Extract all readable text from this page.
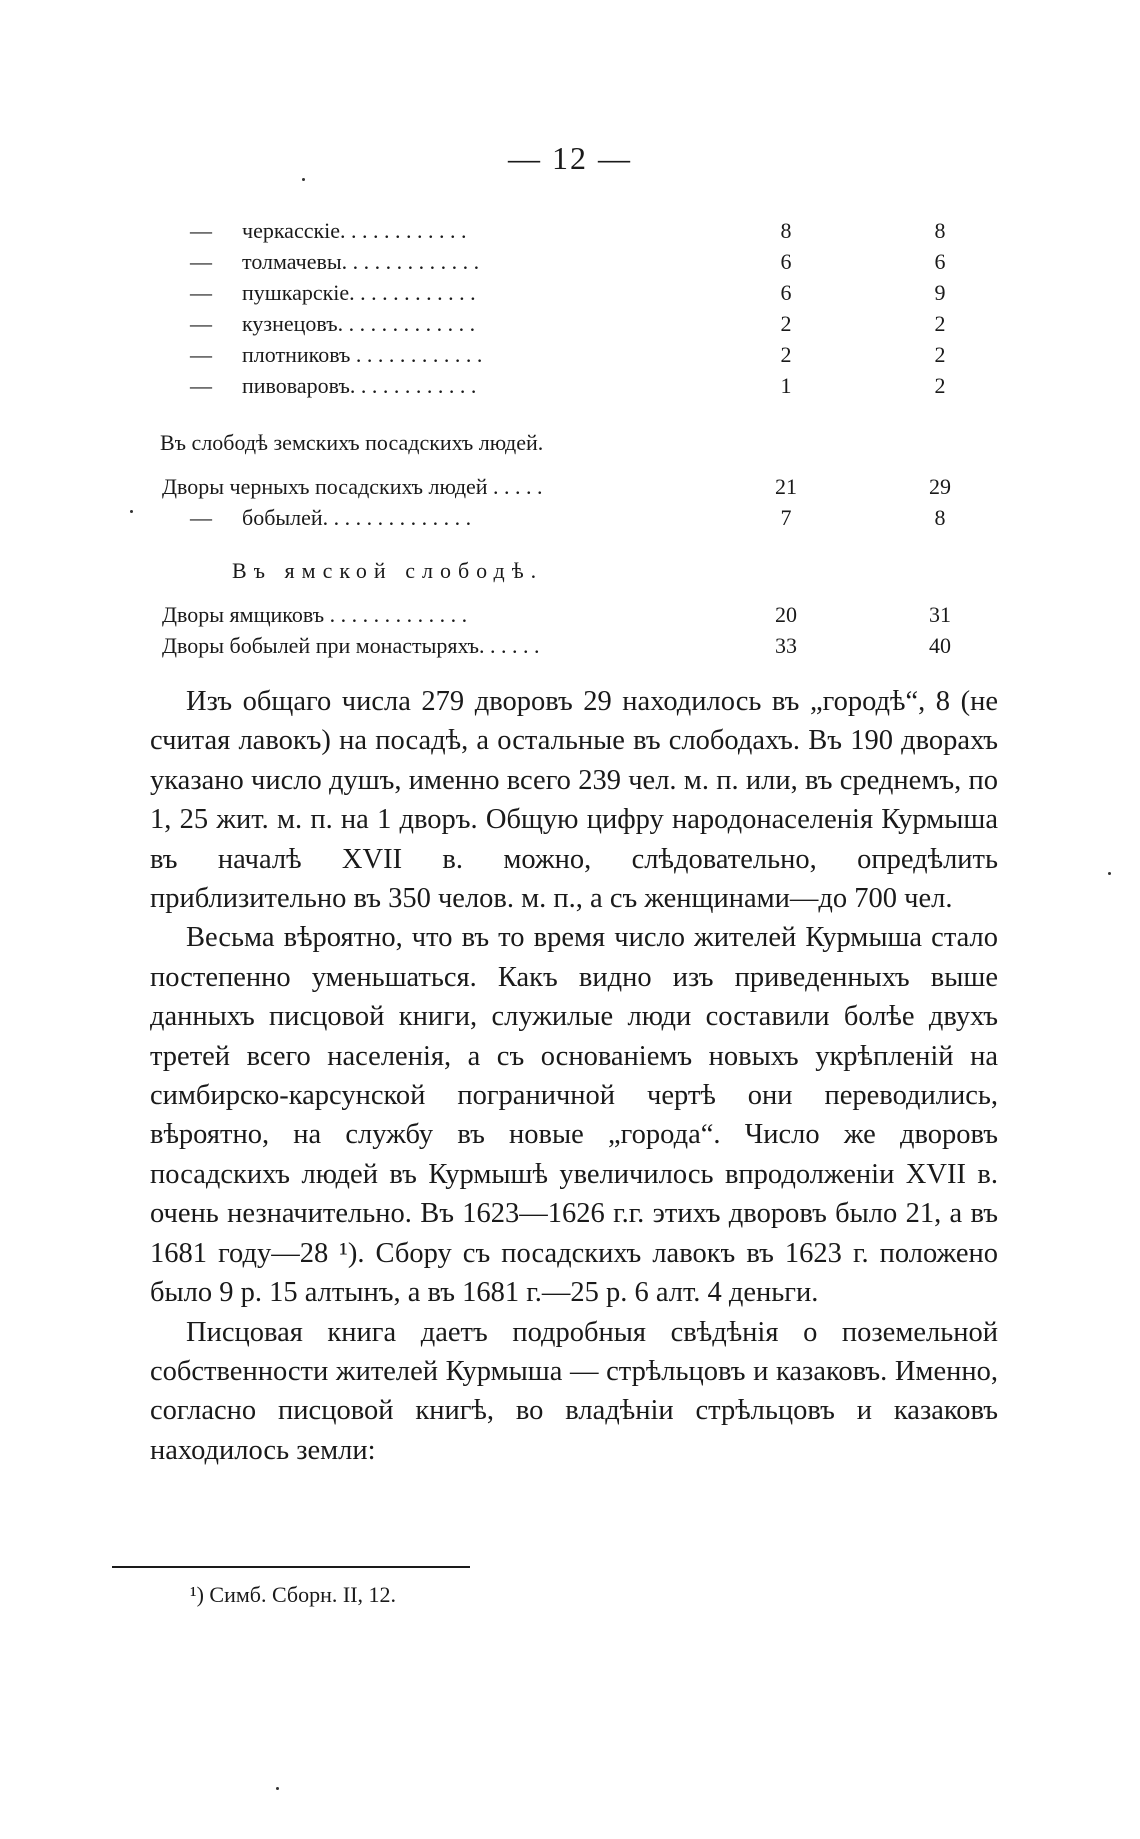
— 12 —
— черкасскіе. . . . . . . . . . . .	8	8
— толмачевы. . . . . . . . . . . . .	6	6
— пушкарскіе. . . . . . . . . . . .	6	9
— кузнецовъ. . . . . . . . . . . . .	2	2
— плотниковъ . . . . . . . . . . . .	2	2
— пивоваровъ. . . . . . . . . . . .	1	2
Въ слободѣ земскихъ посадскихъ людей.
Дворы черныхъ посадскихъ людей . . . . .	21	29
— бобылей. . . . . . . . . . . . . .	7	8
Въ ямской слободѣ.
Дворы ямщиковъ . . . . . . . . . . . . .	20	31
Дворы бобылей при монастыряхъ. . . . . .	33	40

Изъ общаго числа 279 дворовъ 29 находилось въ „городѣ“, 8 (не считая лавокъ) на посадѣ, а остальные въ слободахъ. Въ 190 дворахъ указано число душъ, именно всего 239 чел. м. п. или, въ среднемъ, по 1, 25 жит. м. п. на 1 дворъ. Общую цифру народонаселенія Курмыша въ началѣ XVII в. можно, слѣдовательно, опредѣлить приблизительно въ 350 челов. м. п., а съ женщинами—до 700 чел.

Весьма вѣроятно, что въ то время число жителей Курмыша стало постепенно уменьшаться. Какъ видно изъ приведенныхъ выше данныхъ писцовой книги, служилые люди составили болѣе двухъ третей всего населенія, а съ основаніемъ новыхъ укрѣпленій на симбирско-карсунской пограничной чертѣ они переводились, вѣроятно, на службу въ новые „города“. Число же дворовъ посадскихъ людей въ Курмышѣ увеличилось впродолженіи XVII в. очень незначительно. Въ 1623—1626 г.г. этихъ дворовъ было 21, а въ 1681 году—28 ¹). Сбору съ посадскихъ лавокъ въ 1623 г. положено было 9 р. 15 алтынъ, а въ 1681 г.—25 р. 6 алт. 4 деньги.

Писцовая книга даетъ подробныя свѣдѣнія о поземельной собственности жителей Курмыша — стрѣльцовъ и казаковъ. Именно, согласно писцовой книгѣ, во владѣніи стрѣльцовъ и казаковъ находилось земли:

¹) Симб. Сборн. II, 12.
